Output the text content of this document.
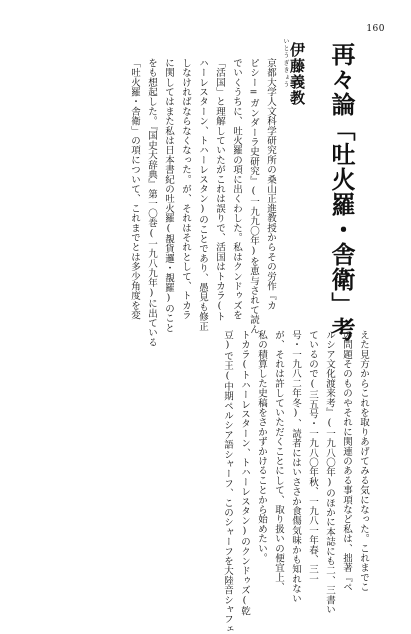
160
再々論「吐火羅・舎衛」考
いとうぎきょう 伊藤義教
京都大学人文科学研究所の桑山正進教授からその労作『カ
ピシー=ガンダーラ史研究』(一九九〇年)を恵与されて読ん
でいくうちに、吐火羅の項に出くわした。私はクンドゥズを
「活国」と理解していたがこれは誤りで、活国はトカラ(ト
ハーレスターン、トハーレスタン)のことであり、愚見も修正
しなければならなくなった。が、それはそれとして、トカラ
に関してはまた私は日本書紀の吐火羅(覩貨邏・覩羅)のこと
をも想起した。『国史大辞典』第一〇巻(一九八九年)に出ている
「吐火羅・舎衛」の項について、これまでとは多少角度を変
えた見方からこれを取りあげてみる気になった。これまでこ
の問題そのものやそれに関連のある事項など私は、拙著『ペ
ルシア文化渡来考』(一九八〇年)のほかに本誌にも二、三書い
ているので(三五号・一九八〇年秋、一九八一年春、三一
号・一九八二年冬)、読者にはいささか食傷気味かも知れない
が、それは許していただくことにして、取り扱いの便宜上、
私の積算した史稿をさかずかけることから始めたい。
トカラ(トハーレスターン、トハーレスタン)のクンドゥズ(乾
豆)で王(中期ペルシア語シャーフ、このシャーフを大陸音シャフェ
